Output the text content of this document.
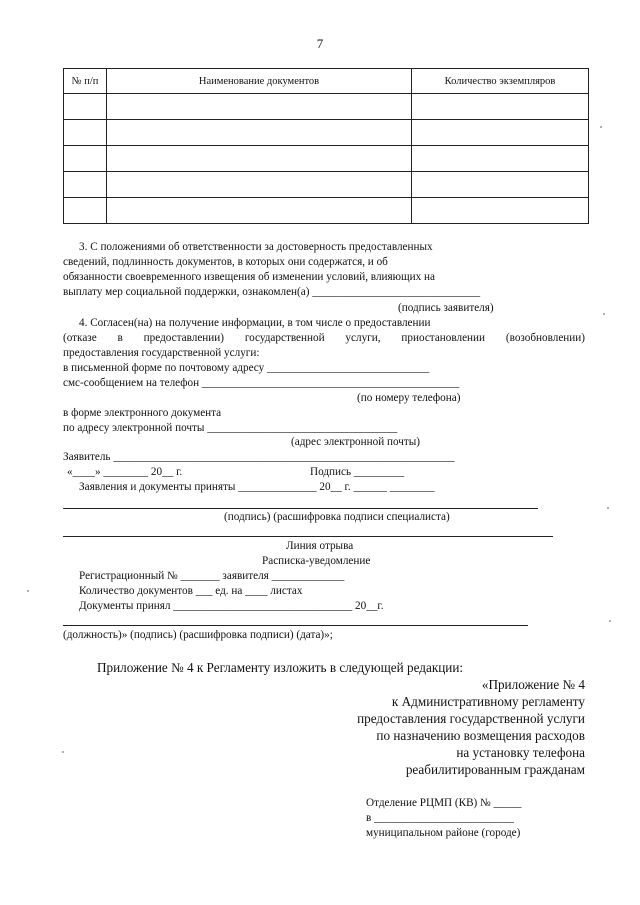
7
№ п/п	Наименование документов	Количество экземпляров

3. С положениями об ответственности за достоверность предоставленных
сведений, подлинность документов, в которых они содержатся, и об
обязанности своевременного извещения об изменении условий, влияющих на
выплату мер социальной поддержки, ознакомлен(а) ______________________________
(подпись заявителя)
4. Согласен(на) на получение информации, в том числе о предоставлении
(отказе в предоставлении) государственной услуги, приостановлении (возобновлении)
предоставления государственной услуги:
в письменной форме по почтовому адресу _____________________________
смс-сообщением на телефон ______________________________________________
(по номеру телефона)
в форме электронного документа
по адресу электронной почты __________________________________
(адрес электронной почты)
Заявитель _____________________________________________________________
«____» ________ 20__ г.	Подпись _________
Заявления и документы приняты ______________ 20__ г. ______ ________
(подпись) (расшифровка подписи специалиста)
Линия отрыва
Расписка-уведомление
Регистрационный № _______ заявителя _____________
Количество документов ___ ед. на ____ листах
Документы принял ________________________________ 20__г.
(должность)» (подпись) (расшифровка подписи) (дата)»;
Приложение № 4 к Регламенту изложить в следующей редакции:
«Приложение № 4
к Административному регламенту
предоставления государственной услуги
по назначению возмещения расходов
на установку телефона
реабилитированным гражданам
Отделение РЦМП (КВ) № _____
в _________________________
муниципальном районе (городе)
